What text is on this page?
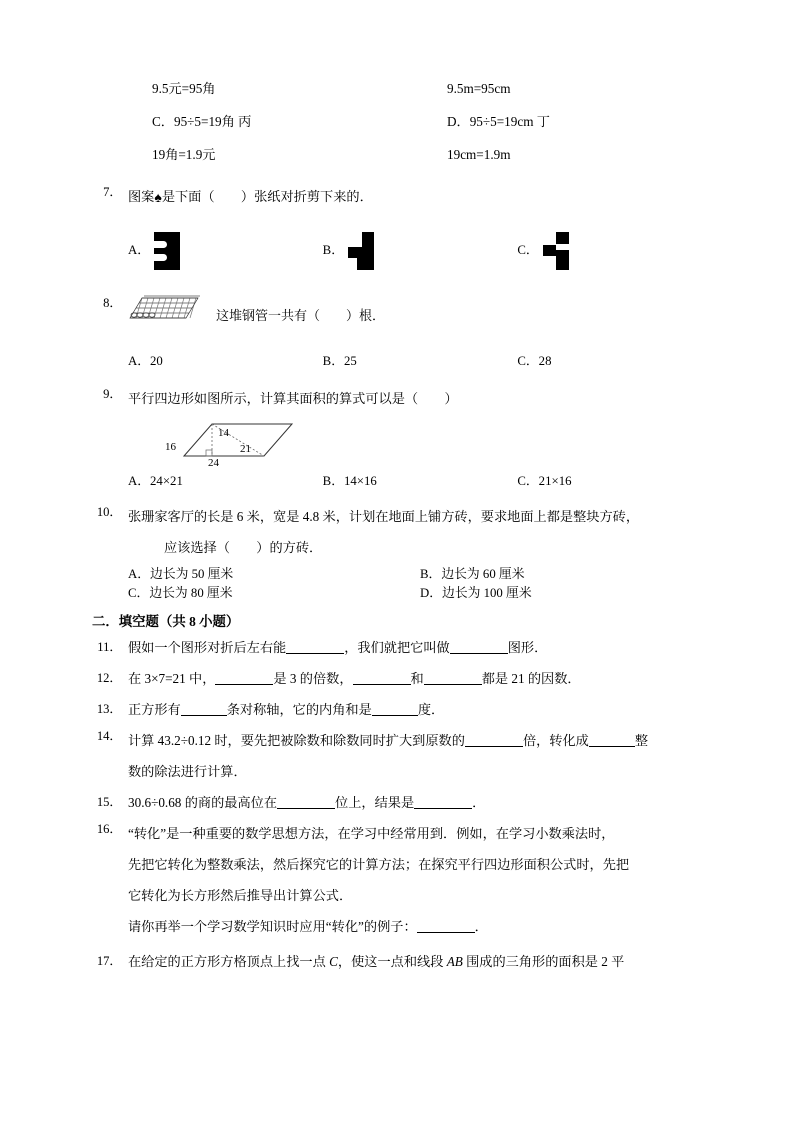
9.5元=95角	9.5m=95cm
C．95÷5=19角 丙	D．95÷5=19cm 丁
19角=1.9元	19cm=1.9m
7． 图案♠是下面（　　）张纸对折剪下来的．
A．	B．	C．
8．
这堆钢管一共有（　　）根．
A．20	B．25	C．28
9． 平行四边形如图所示，计算其面积的算式可以是（　　）
16
14
21
24
A．24×21	B．14×16	C．21×16
10． 张珊家客厅的长是 6 米，宽是 4.8 米，计划在地面上铺方砖，要求地面上都是整块方砖，
应该选择（　　）的方砖．
A．边长为 50 厘米	B．边长为 60 厘米
C．边长为 80 厘米	D．边长为 100 厘米
二．填空题（共 8 小题）
11． 假如一个图形对折后左右能	，我们就把它叫做	图形．
12． 在 3×7=21 中，	是 3 的倍数，	和	都是 21 的因数．
13． 正方形有	条对称轴，它的内角和是	度．
14． 计算 43.2÷0.12 时，要先把被除数和除数同时扩大到原数的	倍，转化成	整
数的除法进行计算．
15． 30.6÷0.68 的商的最高位在	位上，结果是	．
16． “转化”是一种重要的数学思想方法，在学习中经常用到．例如，在学习小数乘法时，
先把它转化为整数乘法，然后探究它的计算方法；在探究平行四边形面积公式时，先把
它转化为长方形然后推导出计算公式．
请你再举一个学习数学知识时应用“转化”的例子：	．
17． 在给定的正方形方格顶点上找一点 C，使这一点和线段 AB 围成的三角形的面积是 2 平
